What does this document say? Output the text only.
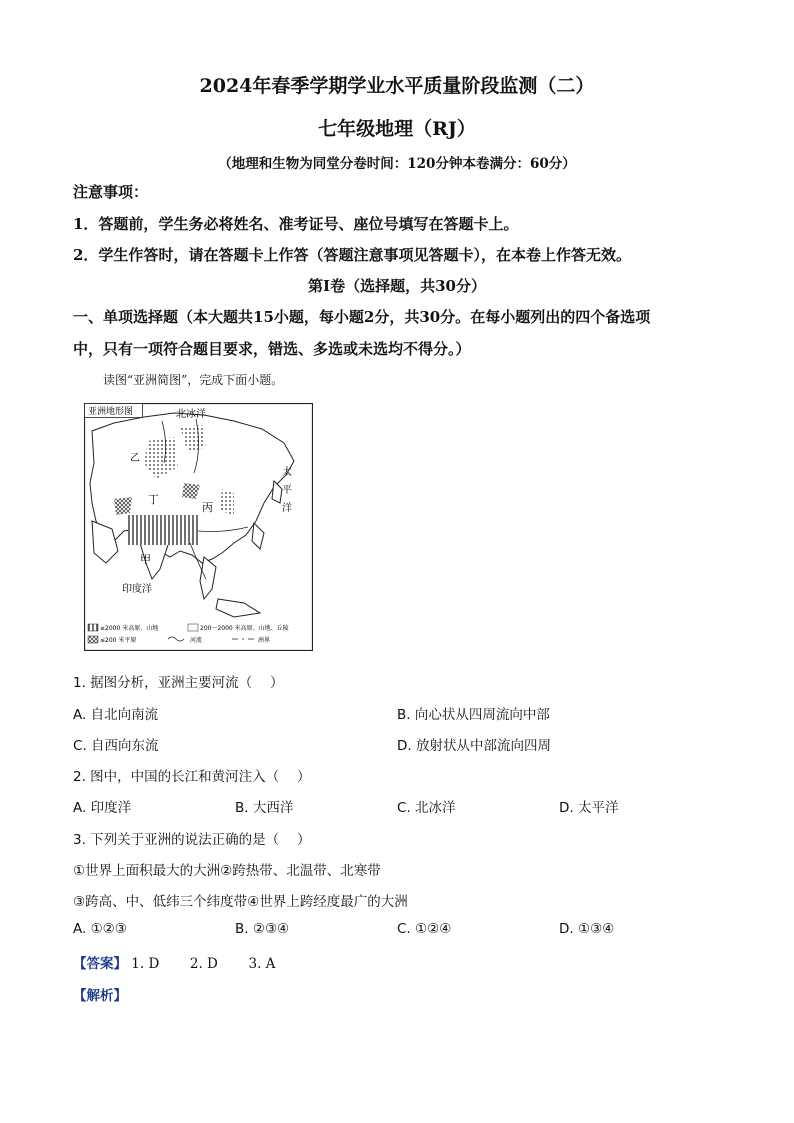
2024年春季学期学业水平质量阶段监测（二）
七年级地理（RJ）
（地理和生物为同堂分卷时间：120分钟本卷满分：60分）
注意事项：
1．答题前，学生务必将姓名、准考证号、座位号填写在答题卡上。
2．学生作答时，请在答题卡上作答（答题注意事项见答题卡），在本卷上作答无效。
第Ⅰ卷（选择题，共30分）
一、单项选择题（本大题共15小题，每小题2分，共30分。在每小题列出的四个备选项
中，只有一项符合题目要求，错选、多选或未选均不得分。）
读图“亚洲简图”，完成下面小题。
亚洲地形图	北冰洋
太
平
洋
印度洋
乙
丁
丙
甲
≥2000 米高原、山地	200～2000 米高原、山地、丘陵
≤200 米平原	河流	洲界
1. 据图分析，亚洲主要河流（　 ）
A. 自北向南流	B. 向心状从四周流向中部
C. 自西向东流	D. 放射状从中部流向四周
2. 图中，中国的长江和黄河注入（　 ）
A. 印度洋	B. 大西洋	C. 北冰洋	D. 太平洋
3. 下列关于亚洲的说法正确的是（　 ）
①世界上面积最大的大洲②跨热带、北温带、北寒带
③跨高、中、低纬三个纬度带④世界上跨经度最广的大洲
A. ①②③	B. ②③④	C. ①②④	D. ①③④
【答案】 1. D 2. D 3. A
【解析】
